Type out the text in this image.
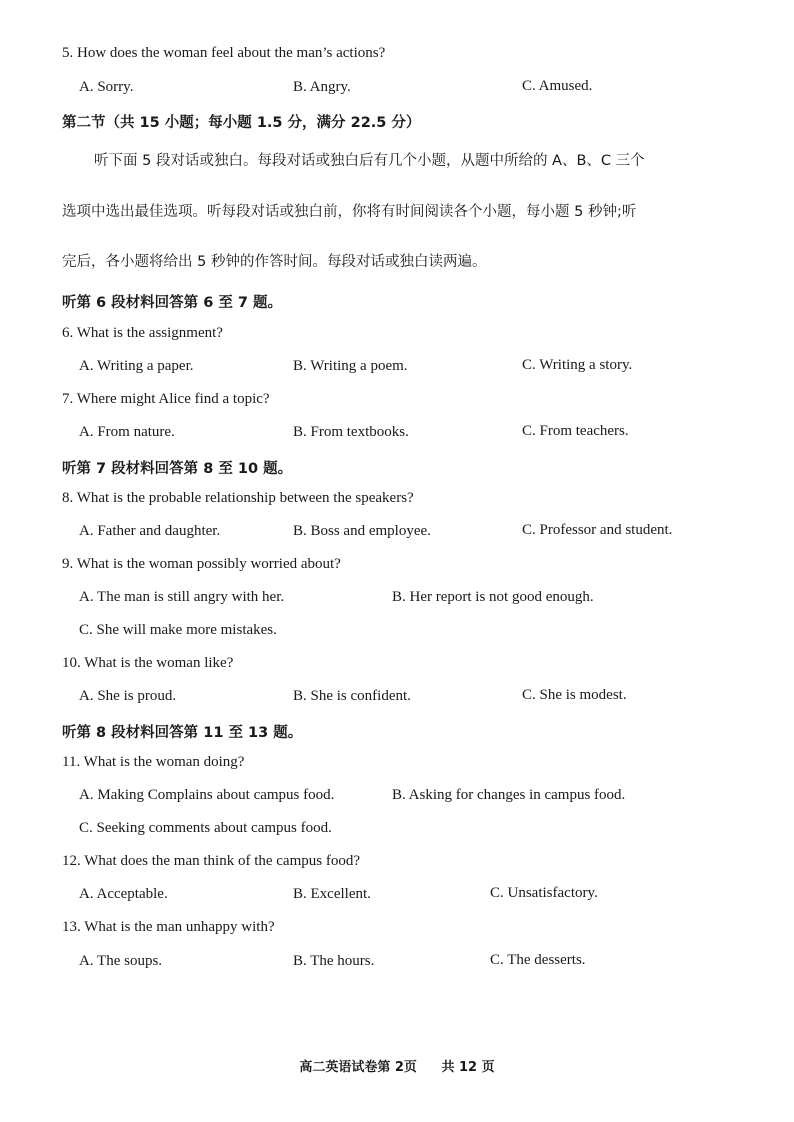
5. How does the woman feel about the man’s actions?
A. Sorry.	B. Angry.	C. Amused.
第二节（共 15 小题；每小题 1.5 分，满分 22.5 分）
听下面 5 段对话或独白。每段对话或独白后有几个小题，从题中所给的 A、B、C 三个
选项中选出最佳选项。听每段对话或独白前，你将有时间阅读各个小题，每小题 5 秒钟;听
完后，各小题将给出 5 秒钟的作答时间。每段对话或独白读两遍。
听第 6 段材料回答第 6 至 7 题。
6. What is the assignment?
A. Writing a paper.	B. Writing a poem.	C. Writing a story.
7. Where might Alice find a topic?
A. From nature.	B. From textbooks.	C. From teachers.
听第 7 段材料回答第 8 至 10 题。
8. What is the probable relationship between the speakers?
A. Father and daughter.	B. Boss and employee.	C. Professor and student.
9. What is the woman possibly worried about?
A. The man is still angry with her.	B. Her report is not good enough.
C. She will make more mistakes.
10. What is the woman like?
A. She is proud.	B. She is confident.	C. She is modest.
听第 8 段材料回答第 11 至 13 题。
11. What is the woman doing?
A. Making Complains about campus food.	B. Asking for changes in campus food.
C. Seeking comments about campus food.
12. What does the man think of the campus food?
A. Acceptable.	B. Excellent.	C. Unsatisfactory.
13. What is the man unhappy with?
A. The soups.	B. The hours.	C. The desserts.
高二英语试卷第 2页 共 12 页
